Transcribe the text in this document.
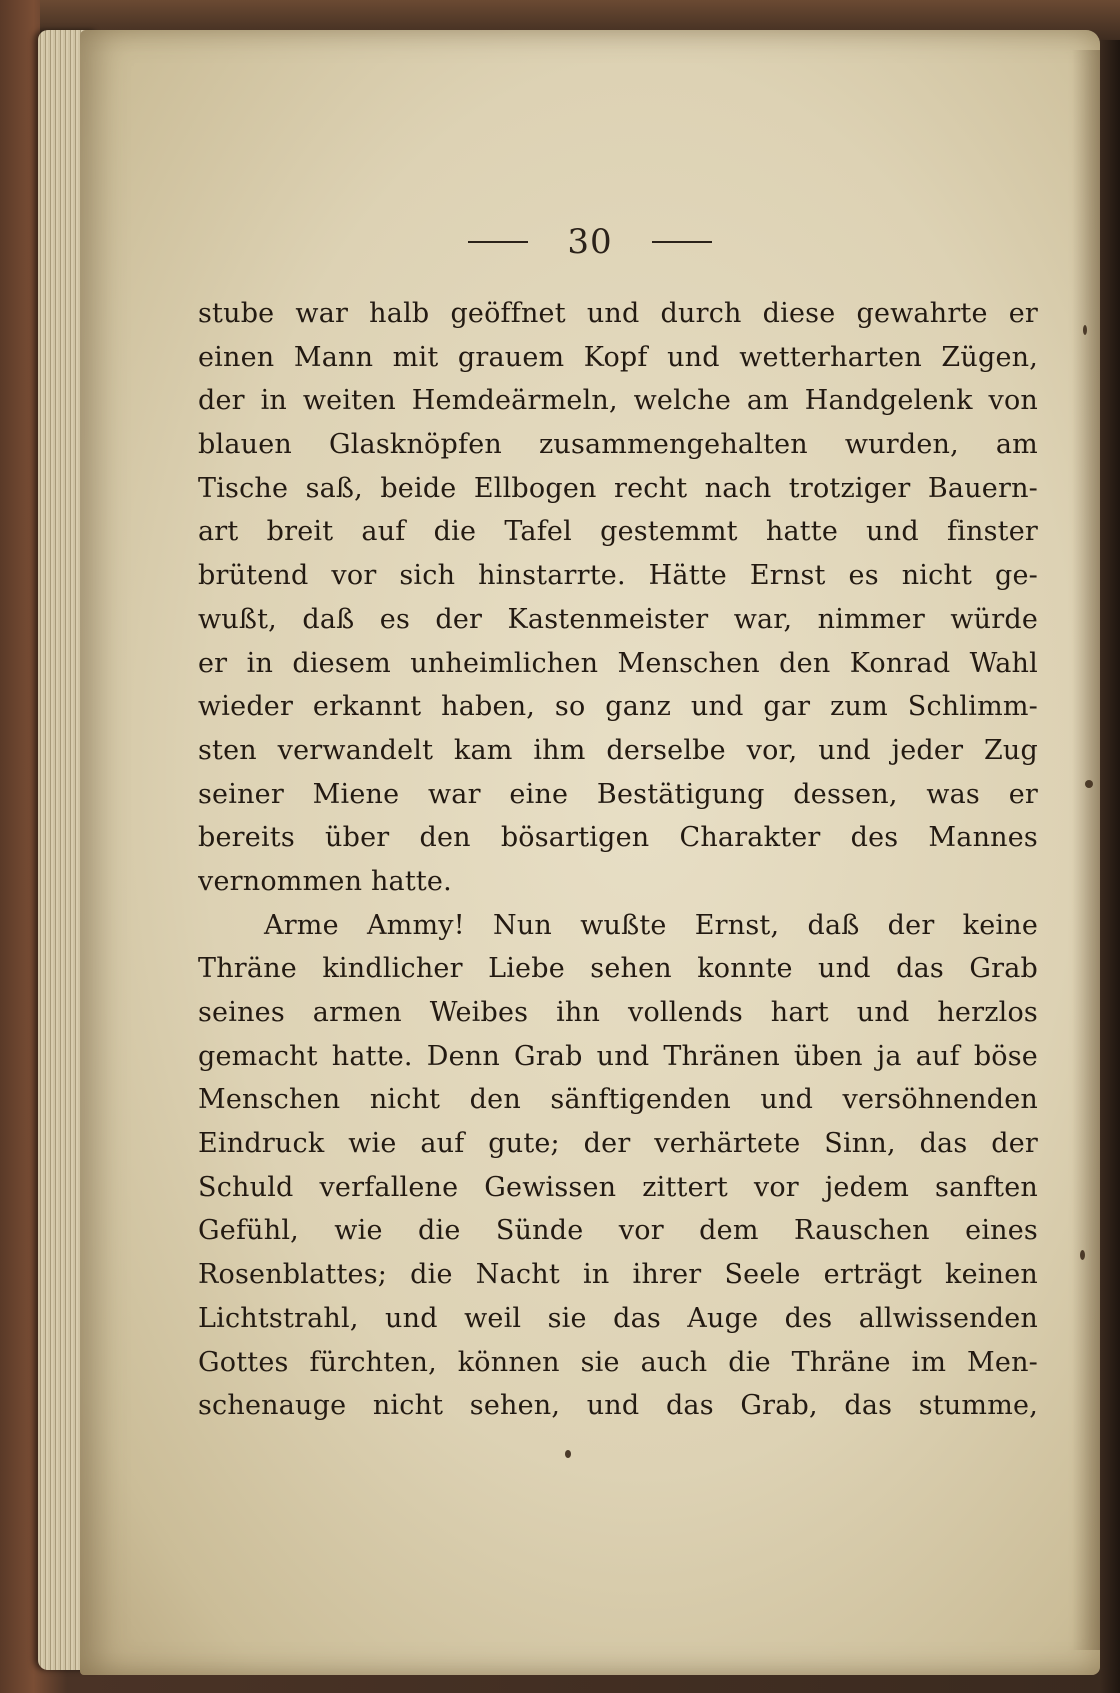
30
stube war halb geöffnet und durch diese gewahrte er
einen Mann mit grauem Kopf und wetterharten Zügen,
der in weiten Hemdeärmeln, welche am Handgelenk von
blauen Glasknöpfen zusammengehalten wurden, am
Tische saß, beide Ellbogen recht nach trotziger Bauern-
art breit auf die Tafel gestemmt hatte und finster
brütend vor sich hinstarrte. Hätte Ernst es nicht ge-
wußt, daß es der Kastenmeister war, nimmer würde
er in diesem unheimlichen Menschen den Konrad Wahl
wieder erkannt haben, so ganz und gar zum Schlimm-
sten verwandelt kam ihm derselbe vor, und jeder Zug
seiner Miene war eine Bestätigung dessen, was er
bereits über den bösartigen Charakter des Mannes
vernommen hatte.
Arme Ammy! Nun wußte Ernst, daß der keine
Thräne kindlicher Liebe sehen konnte und das Grab
seines armen Weibes ihn vollends hart und herzlos
gemacht hatte. Denn Grab und Thränen üben ja auf böse
Menschen nicht den sänftigenden und versöhnenden
Eindruck wie auf gute; der verhärtete Sinn, das der
Schuld verfallene Gewissen zittert vor jedem sanften
Gefühl, wie die Sünde vor dem Rauschen eines
Rosenblattes; die Nacht in ihrer Seele erträgt keinen
Lichtstrahl, und weil sie das Auge des allwissenden
Gottes fürchten, können sie auch die Thräne im Men-
schenauge nicht sehen, und das Grab, das stumme,
